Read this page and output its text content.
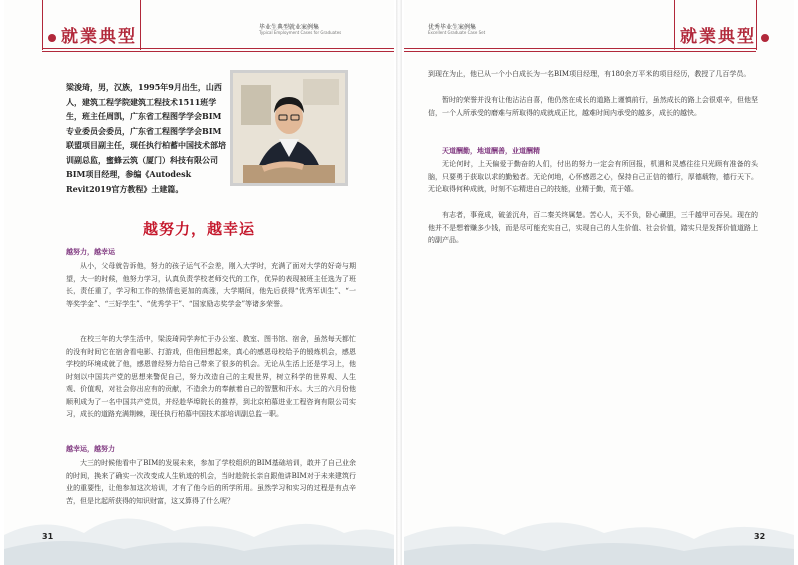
就業典型	毕业生典型就业案例集
Typical Employment Cases for Graduates
梁浚琦，男，汉族，1995年9月出生，山西人，建筑工程学院建筑工程技术1511班学生，班主任周凯，广东省工程图学学会BIM专业委员会委员，广东省工程图学学会BIM联盟项目副主任，现任执行柏蓄中国技术部培训副总监，蜜蜂云筑（厦门）科技有限公司BIM项目经理，参编《Autodesk Revit2019官方教程》土建篇。
越努力，越幸运
越努力，越幸运
从小，父母就告诉他，努力的孩子运气不会差，刚入大学时，充满了面对大学的好奇与期望，大一的时候，他努力学习，认真负责学校老师交代的工作，优异的表现被班主任选为了班长，责任重了，学习和工作的热情也更加的高涨，大学期间，他先后获得“优秀军训生”、“一等奖学金”、“三好学生”、“优秀学干”、“国家励志奖学金”等诸多荣誉。
在校三年的大学生活中，梁浚琦同学奔忙于办公室、教室、图书馆、宿舍，虽然每天都忙的没有时间它在宿舍看电影、打游戏，但他回想起来，真心的感恩母校给予的锻炼机会，感恩学校的环境成就了他，感恩曾经努力给自己带来了很多的机会。无论从生活上还是学习上，他时刻以中国共产党的思想来警促自己，努力改造自己的主观世界，树立科学的世界观、人生观、价值观，对社会你出应有的贡献，不造余力的奉献着自己的智慧和汗水。大三的六月份他顺利成为了一名中国共产党员，并经趁华埠院长的推荐，到北京柏慕进业工程咨询有限公司实习，成长的道路充满荆棘，现任执行柏慕中国技术部培训副总监一职。
越幸运，越努力
大三的时候他看中了BIM的发展未来，参加了学校组织的BIM基础培训，敢并了自己业余的时间，换来了确实一次改变成人生轨迹的机会，当时趁院长亲自跟他讲BIM对于未来建筑行业的重要性，让他参加这次培训，才有了他今后的所学所用。虽然学习和实习的过程是有点辛苦，但是比起所获得的知识财富，这又算得了什么呢？
31
就業典型
优秀毕业生案例集
Excellent Graduate Case Set
到现在为止，他已从一个小白成长为一名BIM项目经理，有180余万平米的项目经历，教授了几百学员。
暂时的荣誉并没有让他沾沾自喜，他仍然在成长的道路上谨慎前行，虽然成长的路上会很艰辛，但他坚信，一个人所承受的磨难与所取得的成就成正比，越难时间内承受的越多，成长的越快。
天道酬勤，地道酬善，业道酬精
无论何时，上天偏爱于勤奋的人们，付出的努力一定会有所回报，机遇和灵感往往只光顾有准备的头脑，只要勇于获取以求的勤勉者。无论何地，心怀感恩之心，保持自己正信的德行，厚德载物，德行天下。无论取得何种成就，时刻不忘精进自己的技能，业精于勤，荒于嬉。
有志者，事竟成，破釜沉舟，百二秦关终属楚。苦心人，天不负，卧心藏胆，三千越甲可吞吴。现在的他并不是想着赚多少钱，而是尽可能充实自己，实现自己的人生价值、社会价值，踏实只是发挥价值道路上的副产品。
32
